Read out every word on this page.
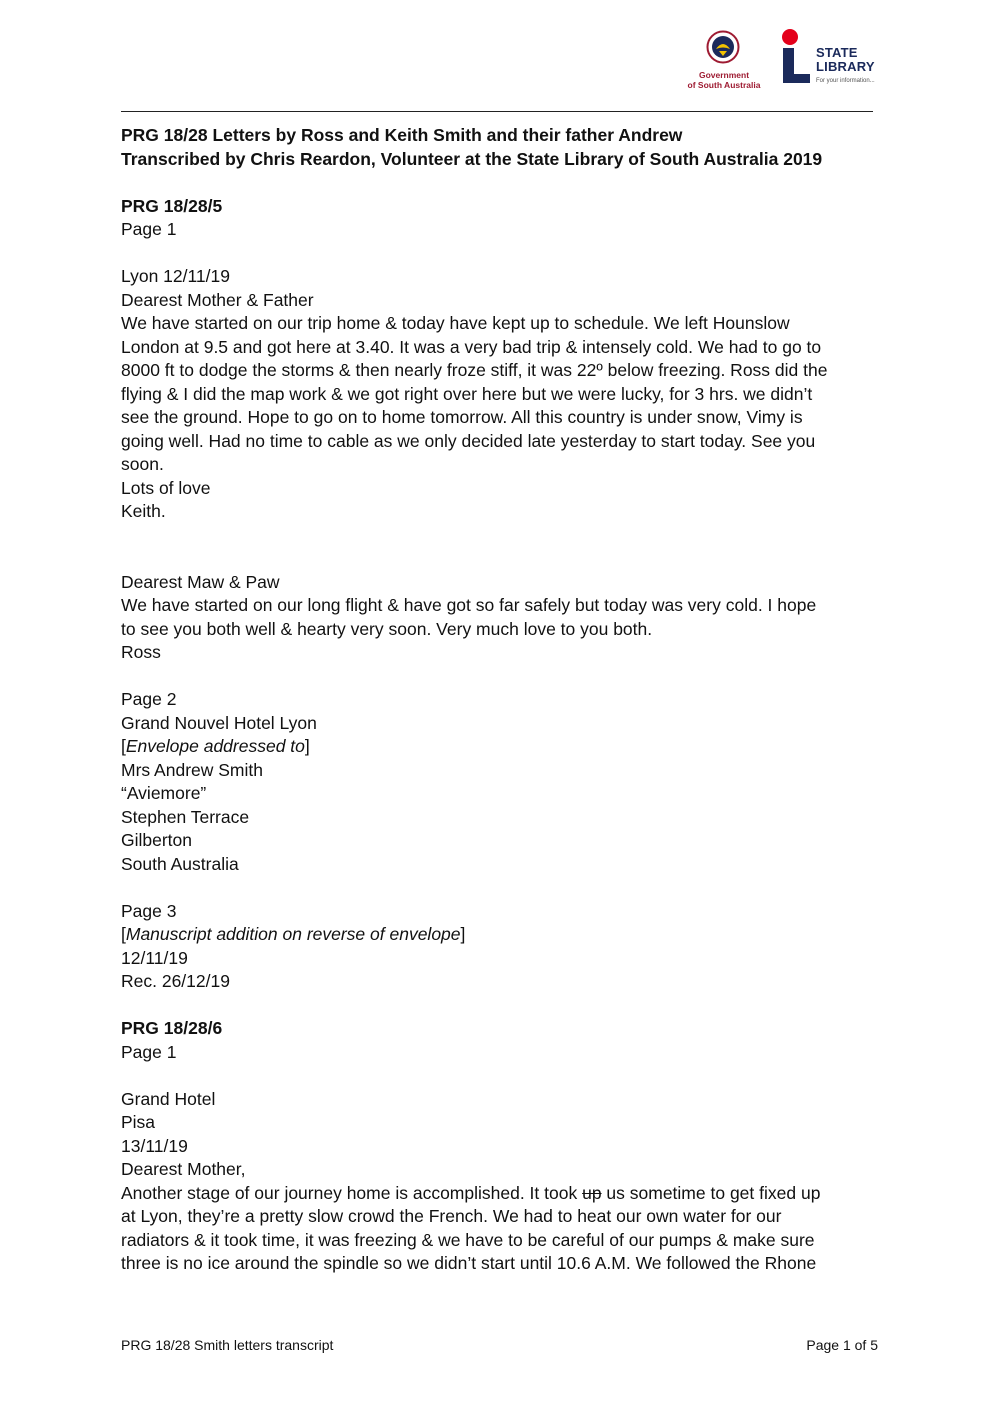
Government
of South Australia
STATE
LIBRARY
For your information...

PRG 18/28 Letters by Ross and Keith Smith and their father Andrew

Transcribed by Chris Reardon, Volunteer at the State Library of South Australia 2019

PRG 18/28/5

Page 1

Lyon 12/11/19

Dearest Mother & Father

We have started on our trip home & today have kept up to schedule. We left Hounslow

London at 9.5 and got here at 3.40. It was a very bad trip & intensely cold. We had to go to

8000 ft to dodge the storms & then nearly froze stiff, it was 22º below freezing. Ross did the

flying & I did the map work & we got right over here but we were lucky, for 3 hrs. we didn’t

see the ground. Hope to go on to home tomorrow. All this country is under snow, Vimy is

going well. Had no time to cable as we only decided late yesterday to start today. See you

soon.

Lots of love

Keith.

Dearest Maw & Paw

We have started on our long flight & have got so far safely but today was very cold. I hope

to see you both well & hearty very soon. Very much love to you both.

Ross

Page 2

Grand Nouvel Hotel Lyon

[Envelope addressed to]

Mrs Andrew Smith

“Aviemore”

Stephen Terrace

Gilberton

South Australia

Page 3

[Manuscript addition on reverse of envelope]

12/11/19

Rec. 26/12/19

PRG 18/28/6

Page 1

Grand Hotel

Pisa

13/11/19

Dearest Mother,

Another stage of our journey home is accomplished. It took up us sometime to get fixed up

at Lyon, they’re a pretty slow crowd the French. We had to heat our own water for our

radiators & it took time, it was freezing & we have to be careful of our pumps & make sure

three is no ice around the spindle so we didn’t start until 10.6 A.M. We followed the Rhone

PRG 18/28 Smith letters transcript	Page 1 of 5
